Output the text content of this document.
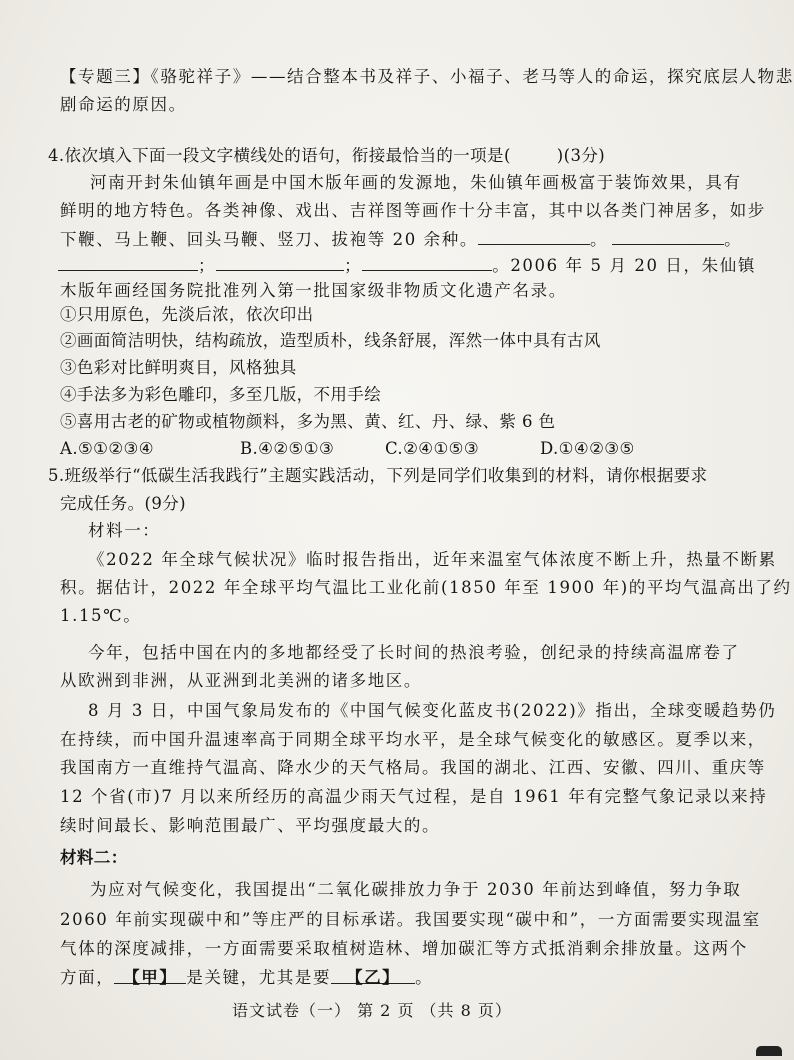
【专题三】《骆驼祥子》——结合整本书及祥子、小福子、老马等人的命运，探究底层人物悲
剧命运的原因。
4.依次填入下面一段文字横线处的语句，衔接最恰当的一项是(	)(3分)
河南开封朱仙镇年画是中国木版年画的发源地，朱仙镇年画极富于装饰效果，具有
鲜明的地方特色。各类神像、戏出、吉祥图等画作十分丰富，其中以各类门神居多，如步
下鞭、马上鞭、回头马鞭、竖刀、拔袍等 20 余种。	。	。
；	；	。2006 年 5 月 20 日，朱仙镇
木版年画经国务院批准列入第一批国家级非物质文化遗产名录。
①只用原色，先淡后浓，依次印出
②画面简洁明快，结构疏放，造型质朴，线条舒展，浑然一体中具有古风
③色彩对比鲜明爽目，风格独具
④手法多为彩色雕印，多至几版，不用手绘
⑤喜用古老的矿物或植物颜料，多为黑、黄、红、丹、绿、紫 6 色
A.⑤①②③④	B.④②⑤①③	C.②④①⑤③	D.①④②③⑤
5.班级举行“低碳生活我践行”主题实践活动，下列是同学们收集到的材料，请你根据要求
完成任务。(9分)
材料一：
《2022 年全球气候状况》临时报告指出，近年来温室气体浓度不断上升，热量不断累
积。据估计，2022 年全球平均气温比工业化前(1850 年至 1900 年)的平均气温高出了约
1.15℃。
今年，包括中国在内的多地都经受了长时间的热浪考验，创纪录的持续高温席卷了
从欧洲到非洲，从亚洲到北美洲的诸多地区。
8 月 3 日，中国气象局发布的《中国气候变化蓝皮书(2022)》指出，全球变暖趋势仍
在持续，而中国升温速率高于同期全球平均水平，是全球气候变化的敏感区。夏季以来，
我国南方一直维持气温高、降水少的天气格局。我国的湖北、江西、安徽、四川、重庆等
12 个省(市)7 月以来所经历的高温少雨天气过程，是自 1961 年有完整气象记录以来持
续时间最长、影响范围最广、平均强度最大的。
材料二：
为应对气候变化，我国提出“二氧化碳排放力争于 2030 年前达到峰值，努力争取
2060 年前实现碳中和”等庄严的目标承诺。我国要实现“碳中和”，一方面需要实现温室
气体的深度减排，一方面需要采取植树造林、增加碳汇等方式抵消剩余排放量。这两个
方面， 【甲】 是关键，尤其是要 【乙】 。
语文试卷（一） 第 2 页 （共 8 页）
